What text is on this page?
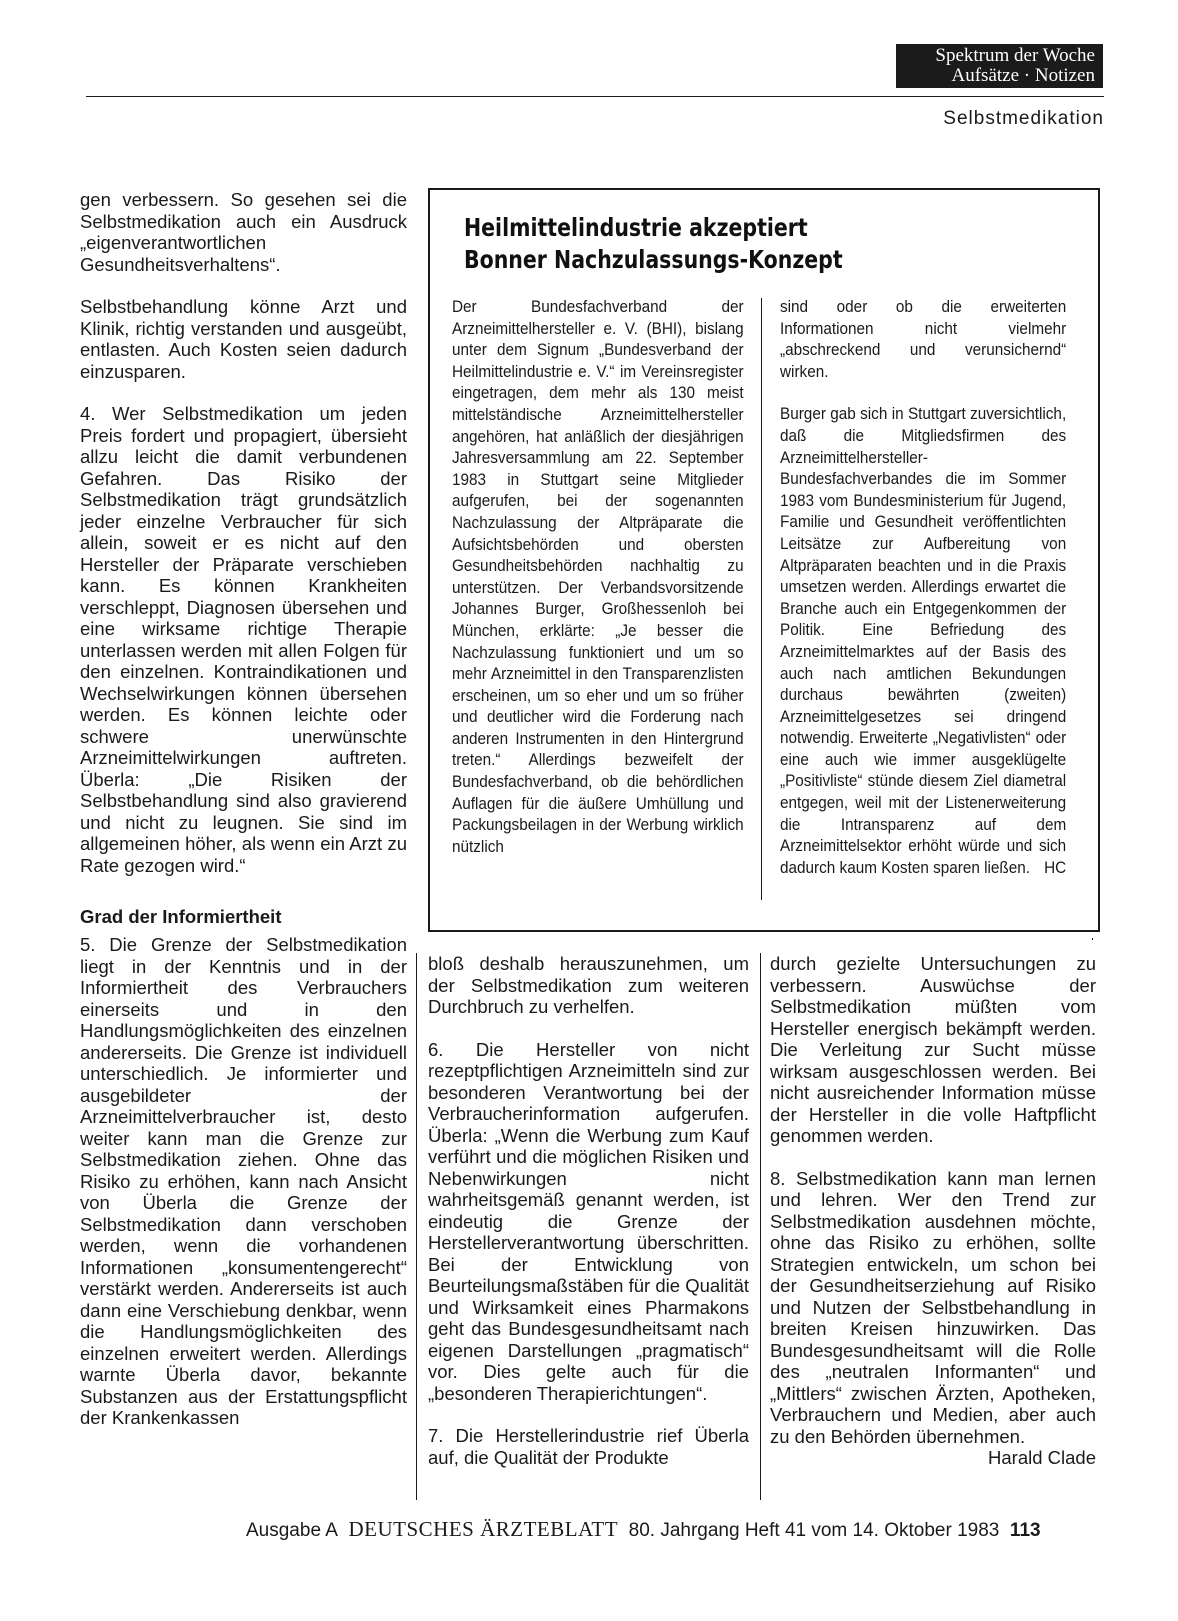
Spektrum der Woche
Aufsätze · Notizen
Selbstmedikation

gen verbessern. So gesehen sei die Selbstmedikation auch ein Ausdruck „eigenverantwortlichen Gesundheitsverhaltens“.

Selbstbehandlung könne Arzt und Klinik, richtig verstanden und ausgeübt, entlasten. Auch Kosten seien dadurch einzusparen.

4. Wer Selbstmedikation um jeden Preis fordert und propagiert, übersieht allzu leicht die damit verbundenen Gefahren. Das Risiko der Selbstmedikation trägt grundsätzlich jeder einzelne Verbraucher für sich allein, soweit er es nicht auf den Hersteller der Präparate verschieben kann. Es können Krankheiten verschleppt, Diagnosen übersehen und eine wirksame richtige Therapie unterlassen werden mit allen Folgen für den einzelnen. Kontraindikationen und Wechselwirkungen können übersehen werden. Es können leichte oder schwere unerwünschte Arzneimittelwirkungen auftreten. Überla: „Die Risiken der Selbstbehandlung sind also gravierend und nicht zu leugnen. Sie sind im allgemeinen höher, als wenn ein Arzt zu Rate gezogen wird.“

Grad der Informiertheit

5. Die Grenze der Selbstmedikation liegt in der Kenntnis und in der Informiertheit des Verbrauchers einerseits und in den Handlungsmöglichkeiten des einzelnen andererseits. Die Grenze ist individuell unterschiedlich. Je informierter und ausgebildeter der Arzneimittelverbraucher ist, desto weiter kann man die Grenze zur Selbstmedikation ziehen. Ohne das Risiko zu erhöhen, kann nach Ansicht von Überla die Grenze der Selbstmedikation dann verschoben werden, wenn die vorhandenen Informationen „konsumentengerecht“ verstärkt werden. Andererseits ist auch dann eine Verschiebung denkbar, wenn die Handlungsmöglichkeiten des einzelnen erweitert werden. Allerdings warnte Überla davor, bekannte Substanzen aus der Erstattungspflicht der Krankenkassen

Heilmittelindustrie akzeptiert
Bonner Nachzulassungs-Konzept

Der Bundesfachverband der Arzneimittelhersteller e. V. (BHI), bislang unter dem Signum „Bundesverband der Heilmittelindustrie e. V.“ im Vereinsregister eingetragen, dem mehr als 130 meist mittelständische Arzneimittelhersteller angehören, hat anläßlich der diesjährigen Jahresversammlung am 22. September 1983 in Stuttgart seine Mitglieder aufgerufen, bei der sogenannten Nachzulassung der Altpräparate die Aufsichtsbehörden und obersten Gesundheitsbehörden nachhaltig zu unterstützen. Der Verbandsvorsitzende Johannes Burger, Großhessenloh bei München, erklärte: „Je besser die Nachzulassung funktioniert und um so mehr Arzneimittel in den Transparenzlisten erscheinen, um so eher und um so früher und deutlicher wird die Forderung nach anderen Instrumenten in den Hintergrund treten.“ Allerdings bezweifelt der Bundesfachverband, ob die behördlichen Auflagen für die äußere Umhüllung und Packungsbeilagen in der Werbung wirklich nützlich

sind oder ob die erweiterten Informationen nicht vielmehr „abschreckend und verunsichernd“ wirken.

Burger gab sich in Stuttgart zuversichtlich, daß die Mitgliedsfirmen des Arzneimittelhersteller-Bundesfachverbandes die im Sommer 1983 vom Bundesministerium für Jugend, Familie und Gesundheit veröffentlichten Leitsätze zur Aufbereitung von Altpräparaten beachten und in die Praxis umsetzen werden. Allerdings erwartet die Branche auch ein Entgegenkommen der Politik. Eine Befriedung des Arzneimittelmarktes auf der Basis des auch nach amtlichen Bekundungen durchaus bewährten (zweiten) Arzneimittelgesetzes sei dringend notwendig. Erweiterte „Negativlisten“ oder eine auch wie immer ausgeklügelte „Positivliste“ stünde diesem Ziel diametral entgegen, weil mit der Listenerweiterung die Intransparenz auf dem Arzneimittelsektor erhöht würde und sich dadurch kaum Kosten sparen ließen. HC

bloß deshalb herauszunehmen, um der Selbstmedikation zum weiteren Durchbruch zu verhelfen.

6. Die Hersteller von nicht rezeptpflichtigen Arzneimitteln sind zur besonderen Verantwortung bei der Verbraucherinformation aufgerufen. Überla: „Wenn die Werbung zum Kauf verführt und die möglichen Risiken und Nebenwirkungen nicht wahrheitsgemäß genannt werden, ist eindeutig die Grenze der Herstellerverantwortung überschritten. Bei der Entwicklung von Beurteilungsmaßstäben für die Qualität und Wirksamkeit eines Pharmakons geht das Bundesgesundheitsamt nach eigenen Darstellungen „pragmatisch“ vor. Dies gelte auch für die „besonderen Therapierichtungen“.

7. Die Herstellerindustrie rief Überla auf, die Qualität der Produkte

durch gezielte Untersuchungen zu verbessern. Auswüchse der Selbstmedikation müßten vom Hersteller energisch bekämpft werden. Die Verleitung zur Sucht müsse wirksam ausgeschlossen werden. Bei nicht ausreichender Information müsse der Hersteller in die volle Haftpflicht genommen werden.

8. Selbstmedikation kann man lernen und lehren. Wer den Trend zur Selbstmedikation ausdehnen möchte, ohne das Risiko zu erhöhen, sollte Strategien entwickeln, um schon bei der Gesundheitserziehung auf Risiko und Nutzen der Selbstbehandlung in breiten Kreisen hinzuwirken. Das Bundesgesundheitsamt will die Rolle des „neutralen Informanten“ und „Mittlers“ zwischen Ärzten, Apotheken, Verbrauchern und Medien, aber auch zu den Behörden übernehmen.
Harald Clade

Ausgabe A DEUTSCHES ÄRZTEBLATT 80. Jahrgang Heft 41 vom 14. Oktober 1983 113
